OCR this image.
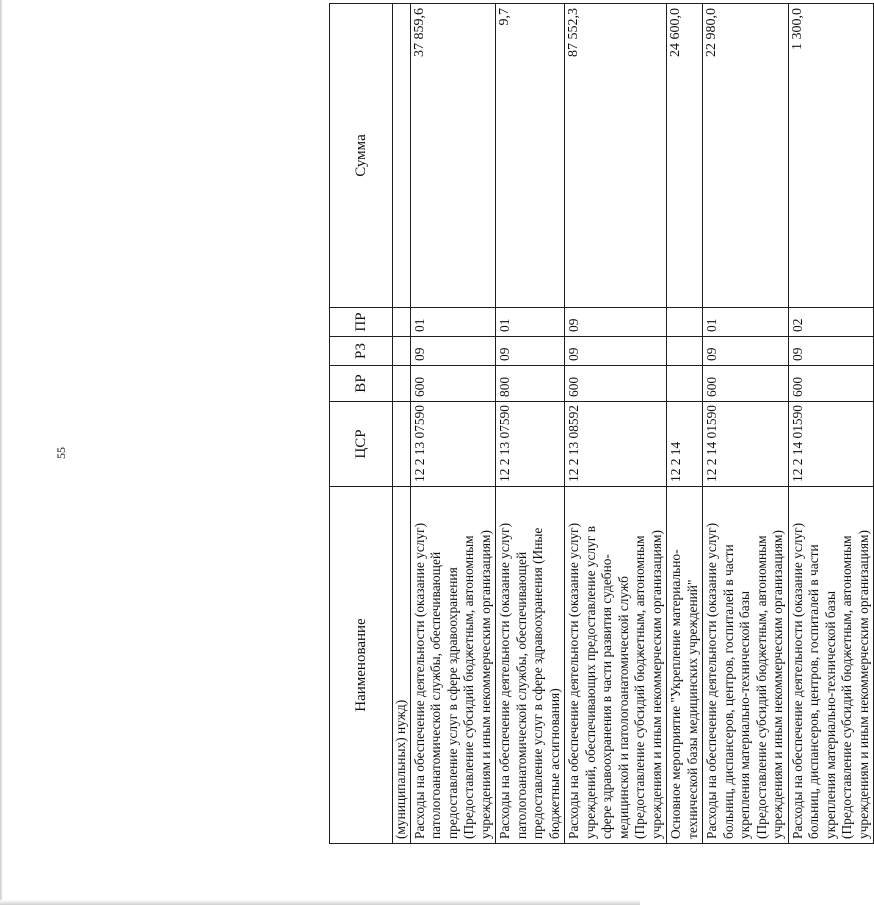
55
Наименование	ЦСР	ВР	РЗ	ПР	Сумма
(муниципальных) нужд)					
Расходы на обеспечение деятельности (оказание услуг) патологоанатомической службы, обеспечивающей предоставление услуг в сфере здравоохранения (Предоставление субсидий бюджетным, автономным учреждениям и иным некоммерческим организациям)	12 2 13 07590	600	09	01	37 859,6
Расходы на обеспечение деятельности (оказание услуг) патологоанатомической службы, обеспечивающей предоставление услуг в сфере здравоохранения (Иные бюджетные ассигнования)	12 2 13 07590	800	09	01	9,7
Расходы на обеспечение деятельности (оказание услуг) учреждений, обеспечивающих предоставление услуг в сфере здравоохранения в части развития судебно-медицинской и патологоанатомической служб (Предоставление субсидий бюджетным, автономным учреждениям и иным некоммерческим организациям)	12 2 13 08592	600	09	09	87 552,3
Основное мероприятие "Укрепление материально-технической базы медицинских учреждений"	12 2 14				24 600,0
Расходы на обеспечение деятельности (оказание услуг) больниц, диспансеров, центров, госпиталей в части укрепления материально-технической базы (Предоставление субсидий бюджетным, автономным учреждениям и иным некоммерческим организациям)	12 2 14 01590	600	09	01	22 980,0
Расходы на обеспечение деятельности (оказание услуг) больниц, диспансеров, центров, госпиталей в части укрепления материально-технической базы (Предоставление субсидий бюджетным, автономным учреждениям и иным некоммерческим организациям)	12 2 14 01590	600	09	02	1 300,0
